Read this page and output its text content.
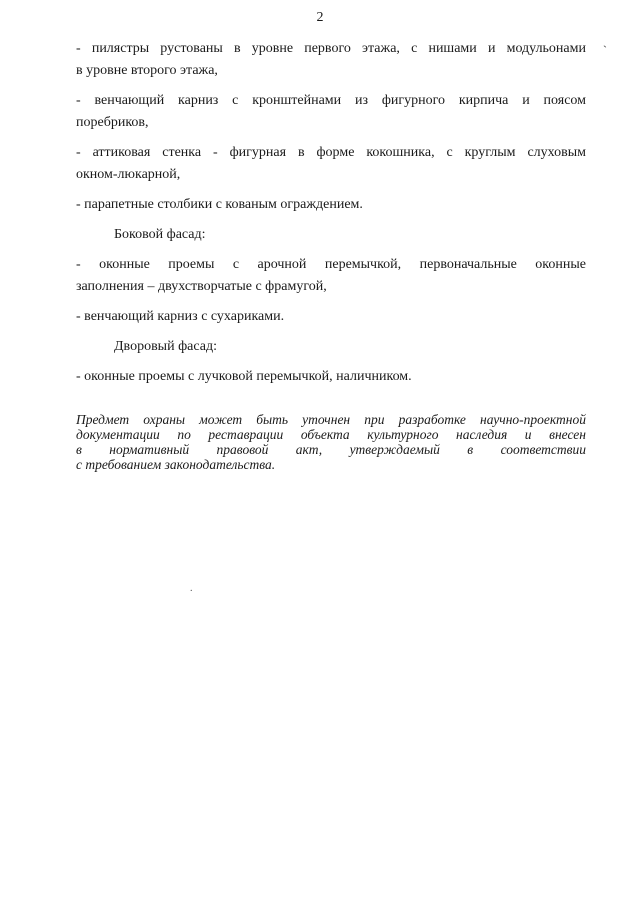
2
`
.
- пилястры рустованы в уровне первого этажа, с нишами и модульонами
в уровне второго этажа,
- венчающий карниз с кронштейнами из фигурного кирпича и поясом
поребриков,
- аттиковая стенка - фигурная в форме кокошника, с круглым слуховым
окном-люкарной,
- парапетные столбики с кованым ограждением.
Боковой фасад:
- оконные проемы с арочной перемычкой, первоначальные оконные
заполнения – двухстворчатые с фрамугой,
- венчающий карниз с сухариками.
Дворовый фасад:
- оконные проемы с лучковой перемычкой, наличником.
Предмет охраны может быть уточнен при разработке научно-проектной
документации по реставрации объекта культурного наследия и внесен
в нормативный правовой акт, утверждаемый в соответствии
с требованием законодательства.
